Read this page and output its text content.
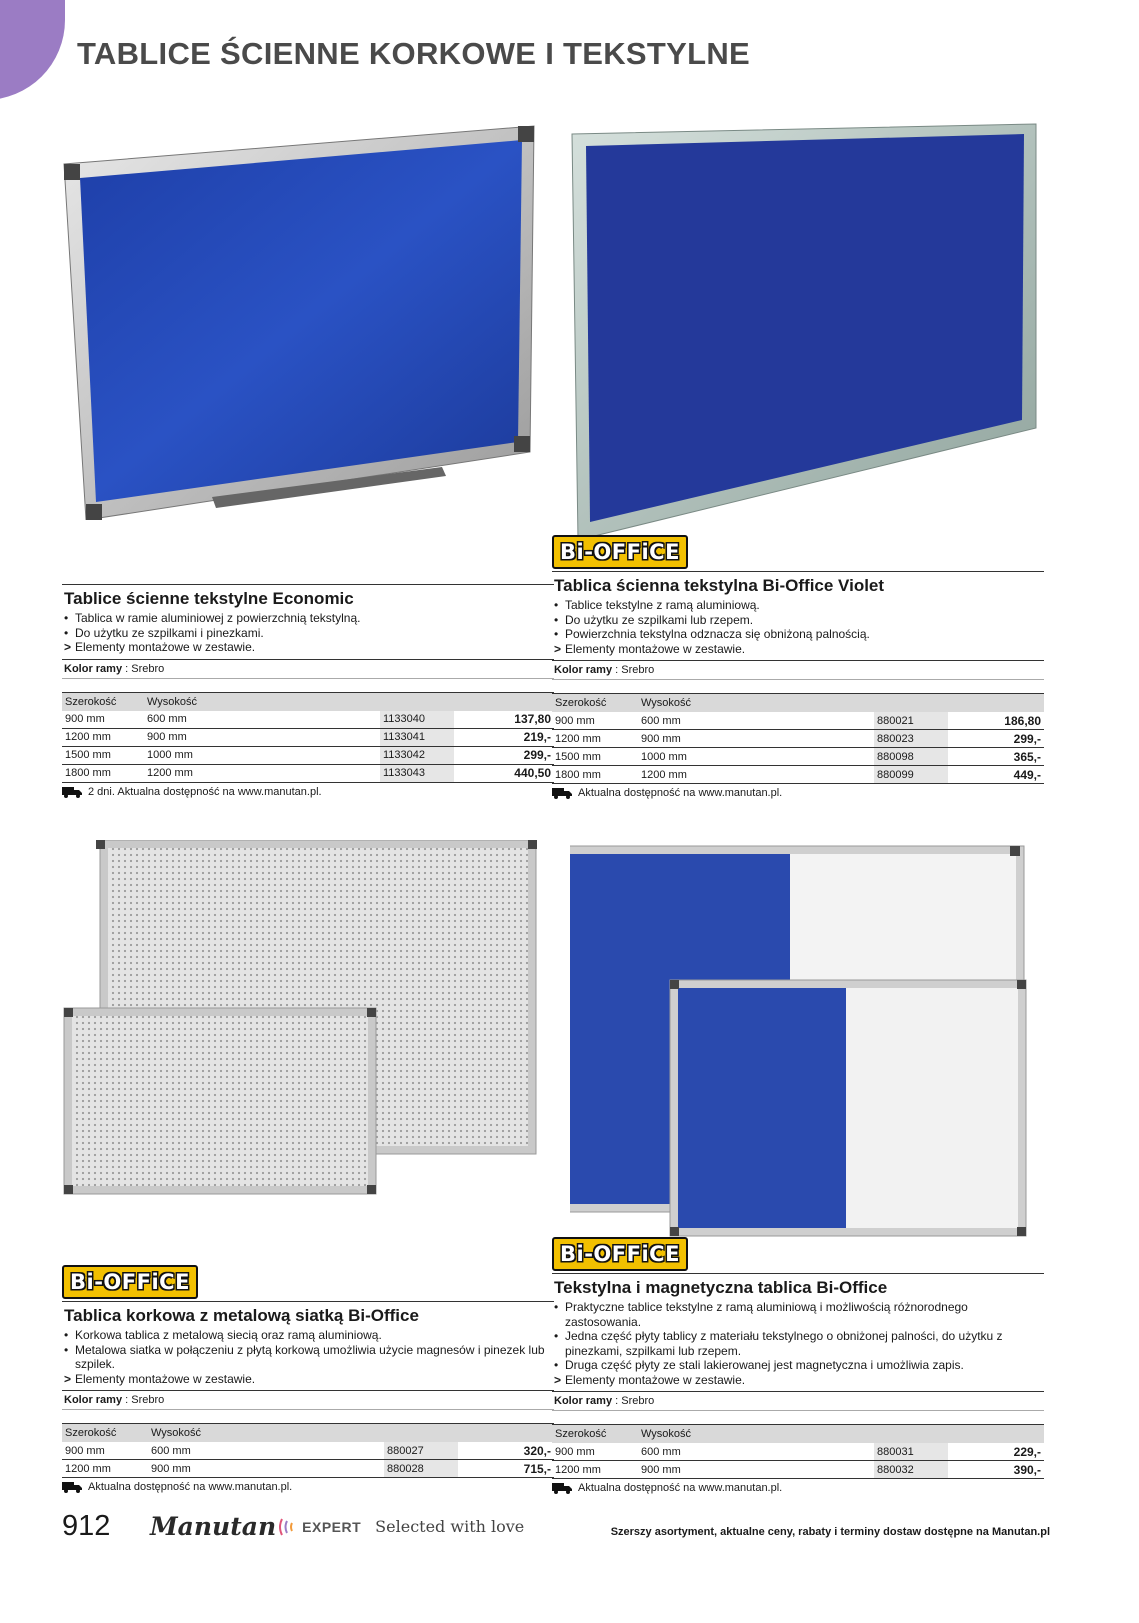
TABLICE ŚCIENNE KORKOWE I TEKSTYLNE
Tablice ścienne tekstylne Economic
• Tablica w ramie aluminiowej z powierzchnią tekstylną.
• Do użytku ze szpilkami i pinezkami.
> Elementy montażowe w zestawie.
Kolor ramy : Srebro
Szerokość	Wysokość		
900 mm	600 mm	1133040	137,80
1200 mm	900 mm	1133041	219,-
1500 mm	1000 mm	1133042	299,-
1800 mm	1200 mm	1133043	440,50
2 dni. Aktualna dostępność na www.manutan.pl.
Bi-OFFiCE
Tablica ścienna tekstylna Bi-Office Violet
• Tablice tekstylne z ramą aluminiową.
• Do użytku ze szpilkami lub rzepem.
• Powierzchnia tekstylna odznacza się obniżoną palnością.
> Elementy montażowe w zestawie.
Kolor ramy : Srebro
Szerokość	Wysokość		
900 mm	600 mm	880021	186,80
1200 mm	900 mm	880023	299,-
1500 mm	1000 mm	880098	365,-
1800 mm	1200 mm	880099	449,-
Aktualna dostępność na www.manutan.pl.
Bi-OFFiCE
Tablica korkowa z metalową siatką Bi-Office
• Korkowa tablica z metalową siecią oraz ramą aluminiową.
• Metalowa siatka w połączeniu z płytą korkową umożliwia użycie magnesów i pinezek lub szpilek.
> Elementy montażowe w zestawie.
Kolor ramy : Srebro
Szerokość	Wysokość		
900 mm	600 mm	880027	320,-
1200 mm	900 mm	880028	715,-
Aktualna dostępność na www.manutan.pl.
Bi-OFFiCE
Tekstylna i magnetyczna tablica Bi-Office
• Praktyczne tablice tekstylne z ramą aluminiową i możliwością różnorodnego zastosowania.
• Jedna część płyty tablicy z materiału tekstylnego o obniżonej palności, do użytku z pinezkami, szpilkami lub rzepem.
• Druga część płyty ze stali lakierowanej jest magnetyczna i umożliwia zapis.
> Elementy montażowe w zestawie.
Kolor ramy : Srebro
Szerokość	Wysokość		
900 mm	600 mm	880031	229,-
1200 mm	900 mm	880032	390,-
Aktualna dostępność na www.manutan.pl.
912 Manutan EXPERT Selected with love	Szerszy asortyment, aktualne ceny, rabaty i terminy dostaw dostępne na Manutan.pl
